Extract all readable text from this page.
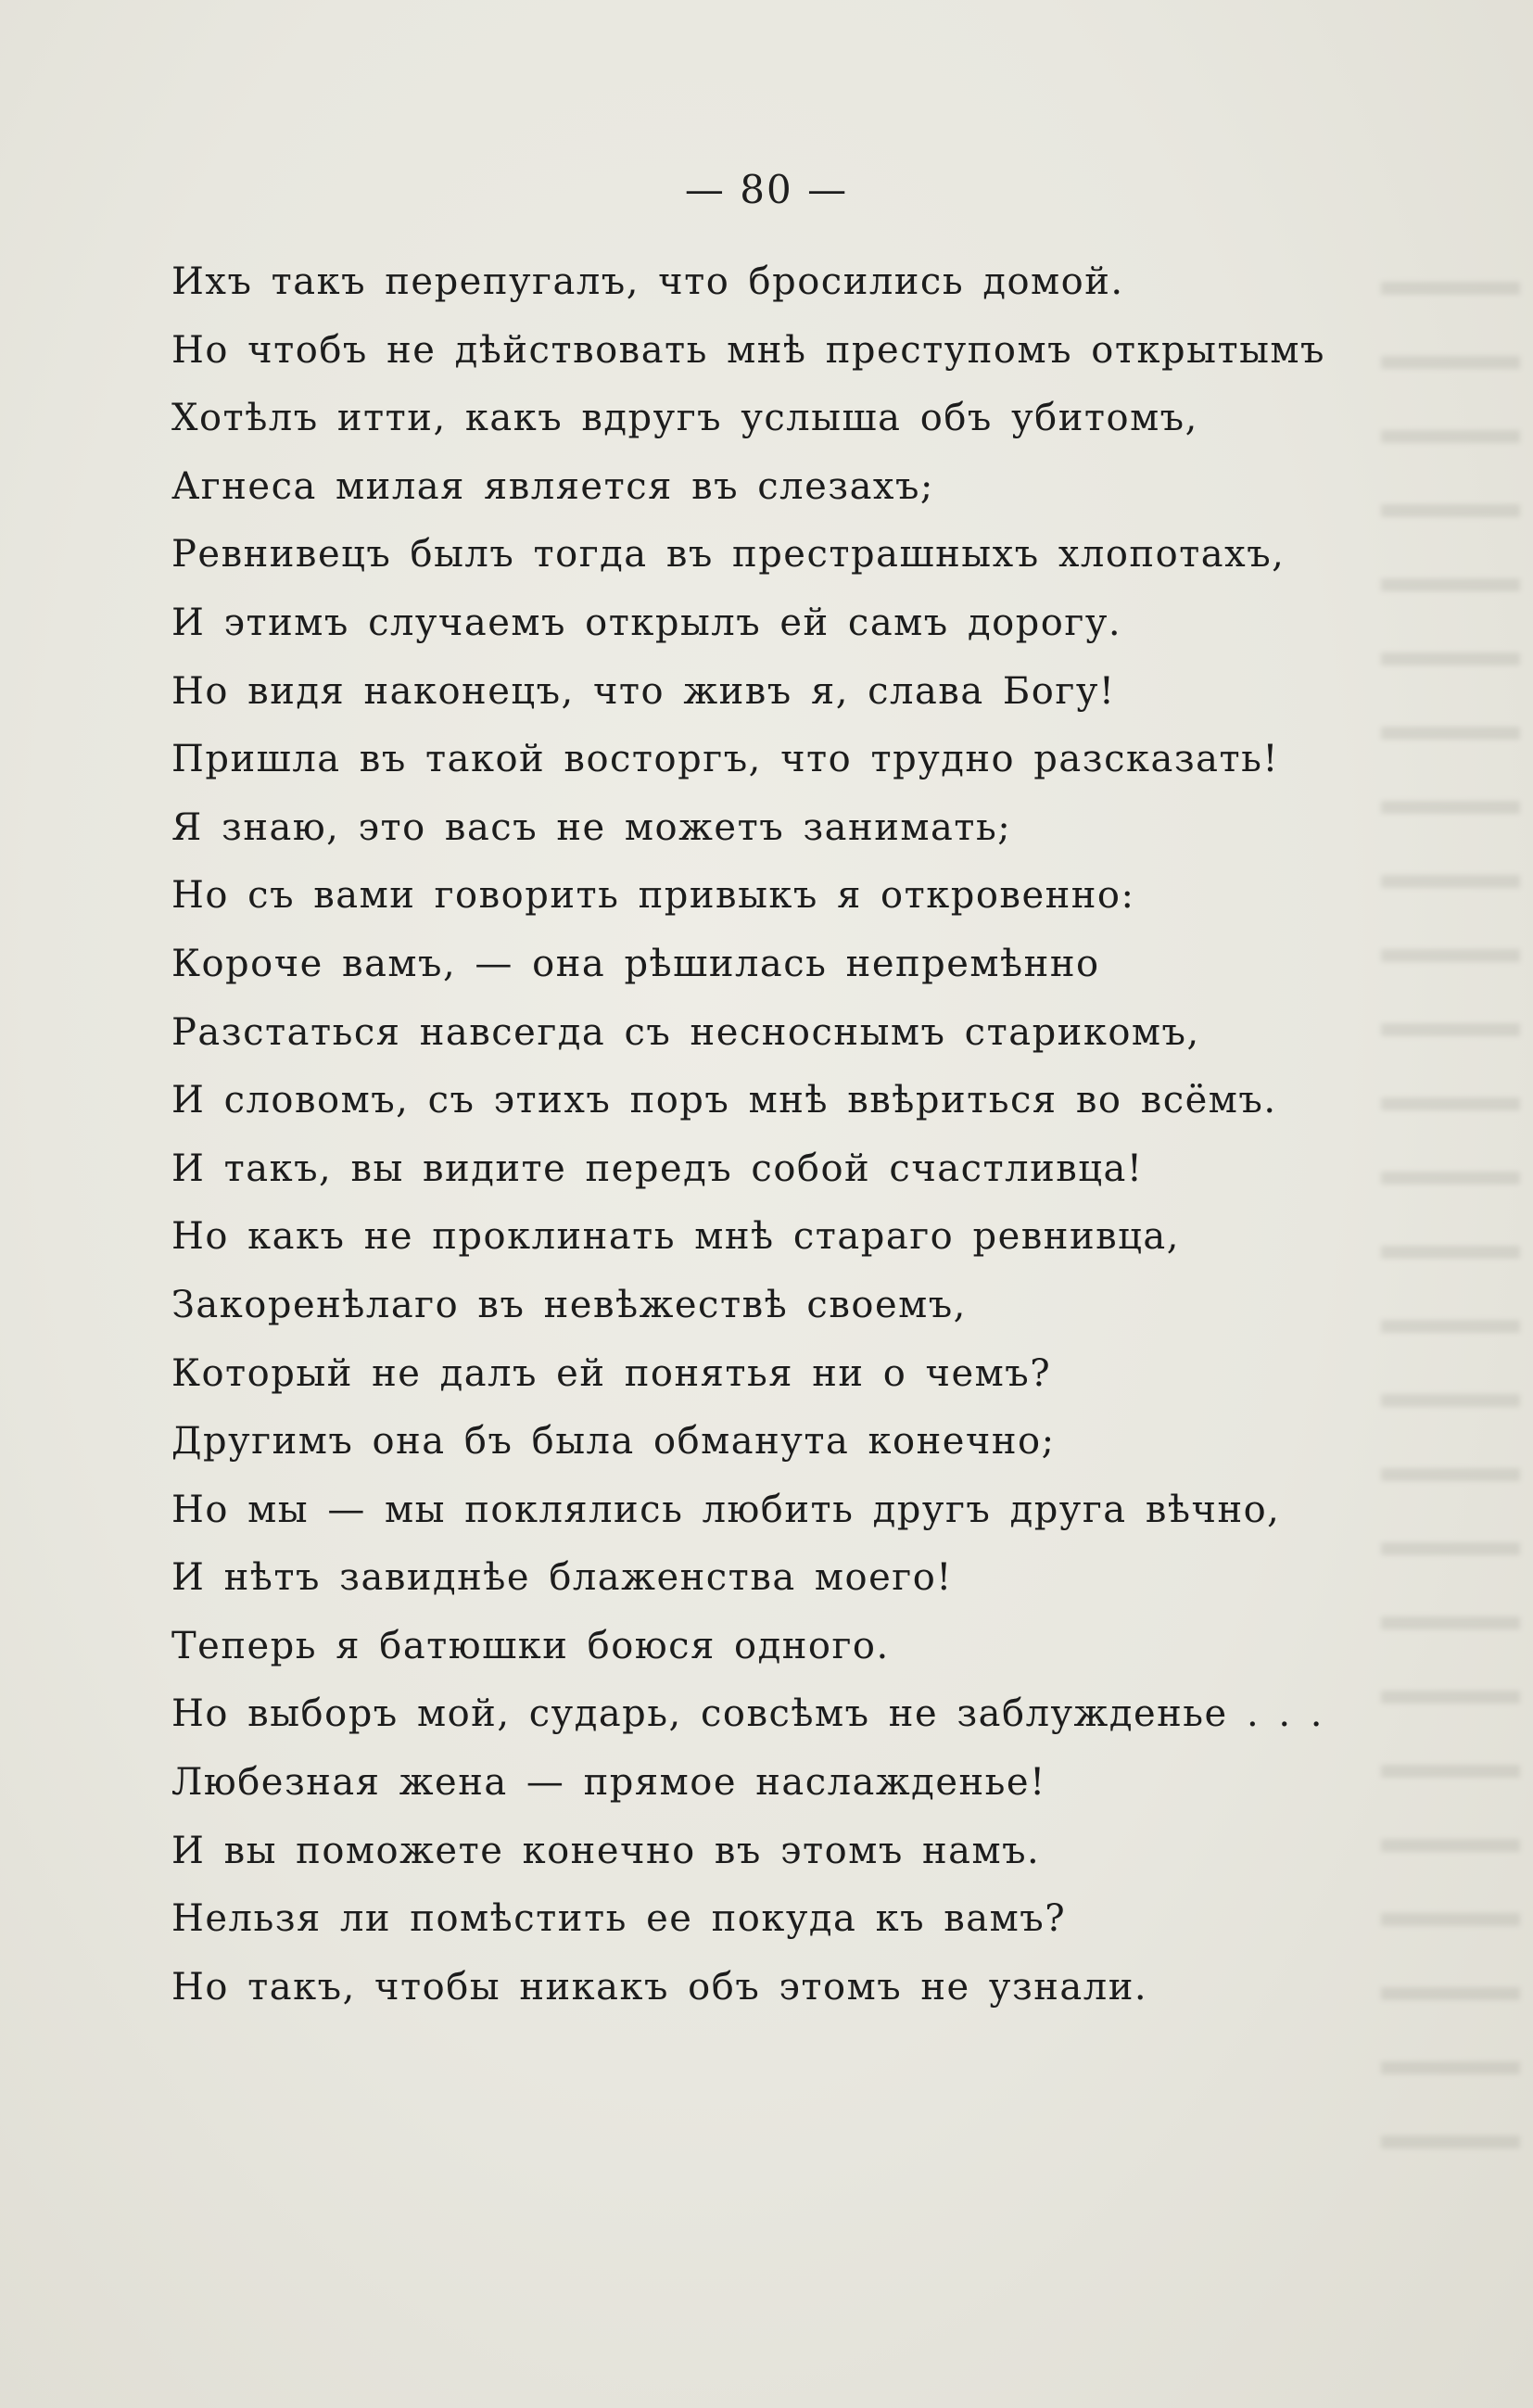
— 80 —
Ихъ такъ перепугалъ, что бросились домой.
Но чтобъ не дѣйствовать мнѣ преступомъ открытымъ
Хотѣлъ итти, какъ вдругъ услыша объ убитомъ,
Агнеса милая является въ слезахъ;
Ревнивецъ былъ тогда въ престрашныхъ хлопотахъ,
И этимъ случаемъ открылъ ей самъ дорогу.
Но видя наконецъ, что живъ я, слава Богу!
Пришла въ такой восторгъ, что трудно разсказать!
Я знаю, это васъ не можетъ занимать;
Но съ вами говорить привыкъ я откровенно:
Короче вамъ, — она рѣшилась непремѣнно
Разстаться навсегда съ несноснымъ старикомъ,
И словомъ, съ этихъ поръ мнѣ ввѣриться во всёмъ.
И такъ, вы видите передъ собой счастливца!
Но какъ не проклинать мнѣ стараго ревнивца,
Закоренѣлаго въ невѣжествѣ своемъ,
Который не далъ ей понятья ни о чемъ?
Другимъ она бъ была обманута конечно;
Но мы — мы поклялись любить другъ друга вѣчно,
И нѣтъ завиднѣе блаженства моего!
Теперь я батюшки боюся одного.
Но выборъ мой, сударь, совсѣмъ не заблужденье . . .
Любезная жена — прямое наслажденье!
И вы поможете конечно въ этомъ намъ.
Нельзя ли помѣстить ее покуда къ вамъ?
Но такъ, чтобы никакъ объ этомъ не узнали.
